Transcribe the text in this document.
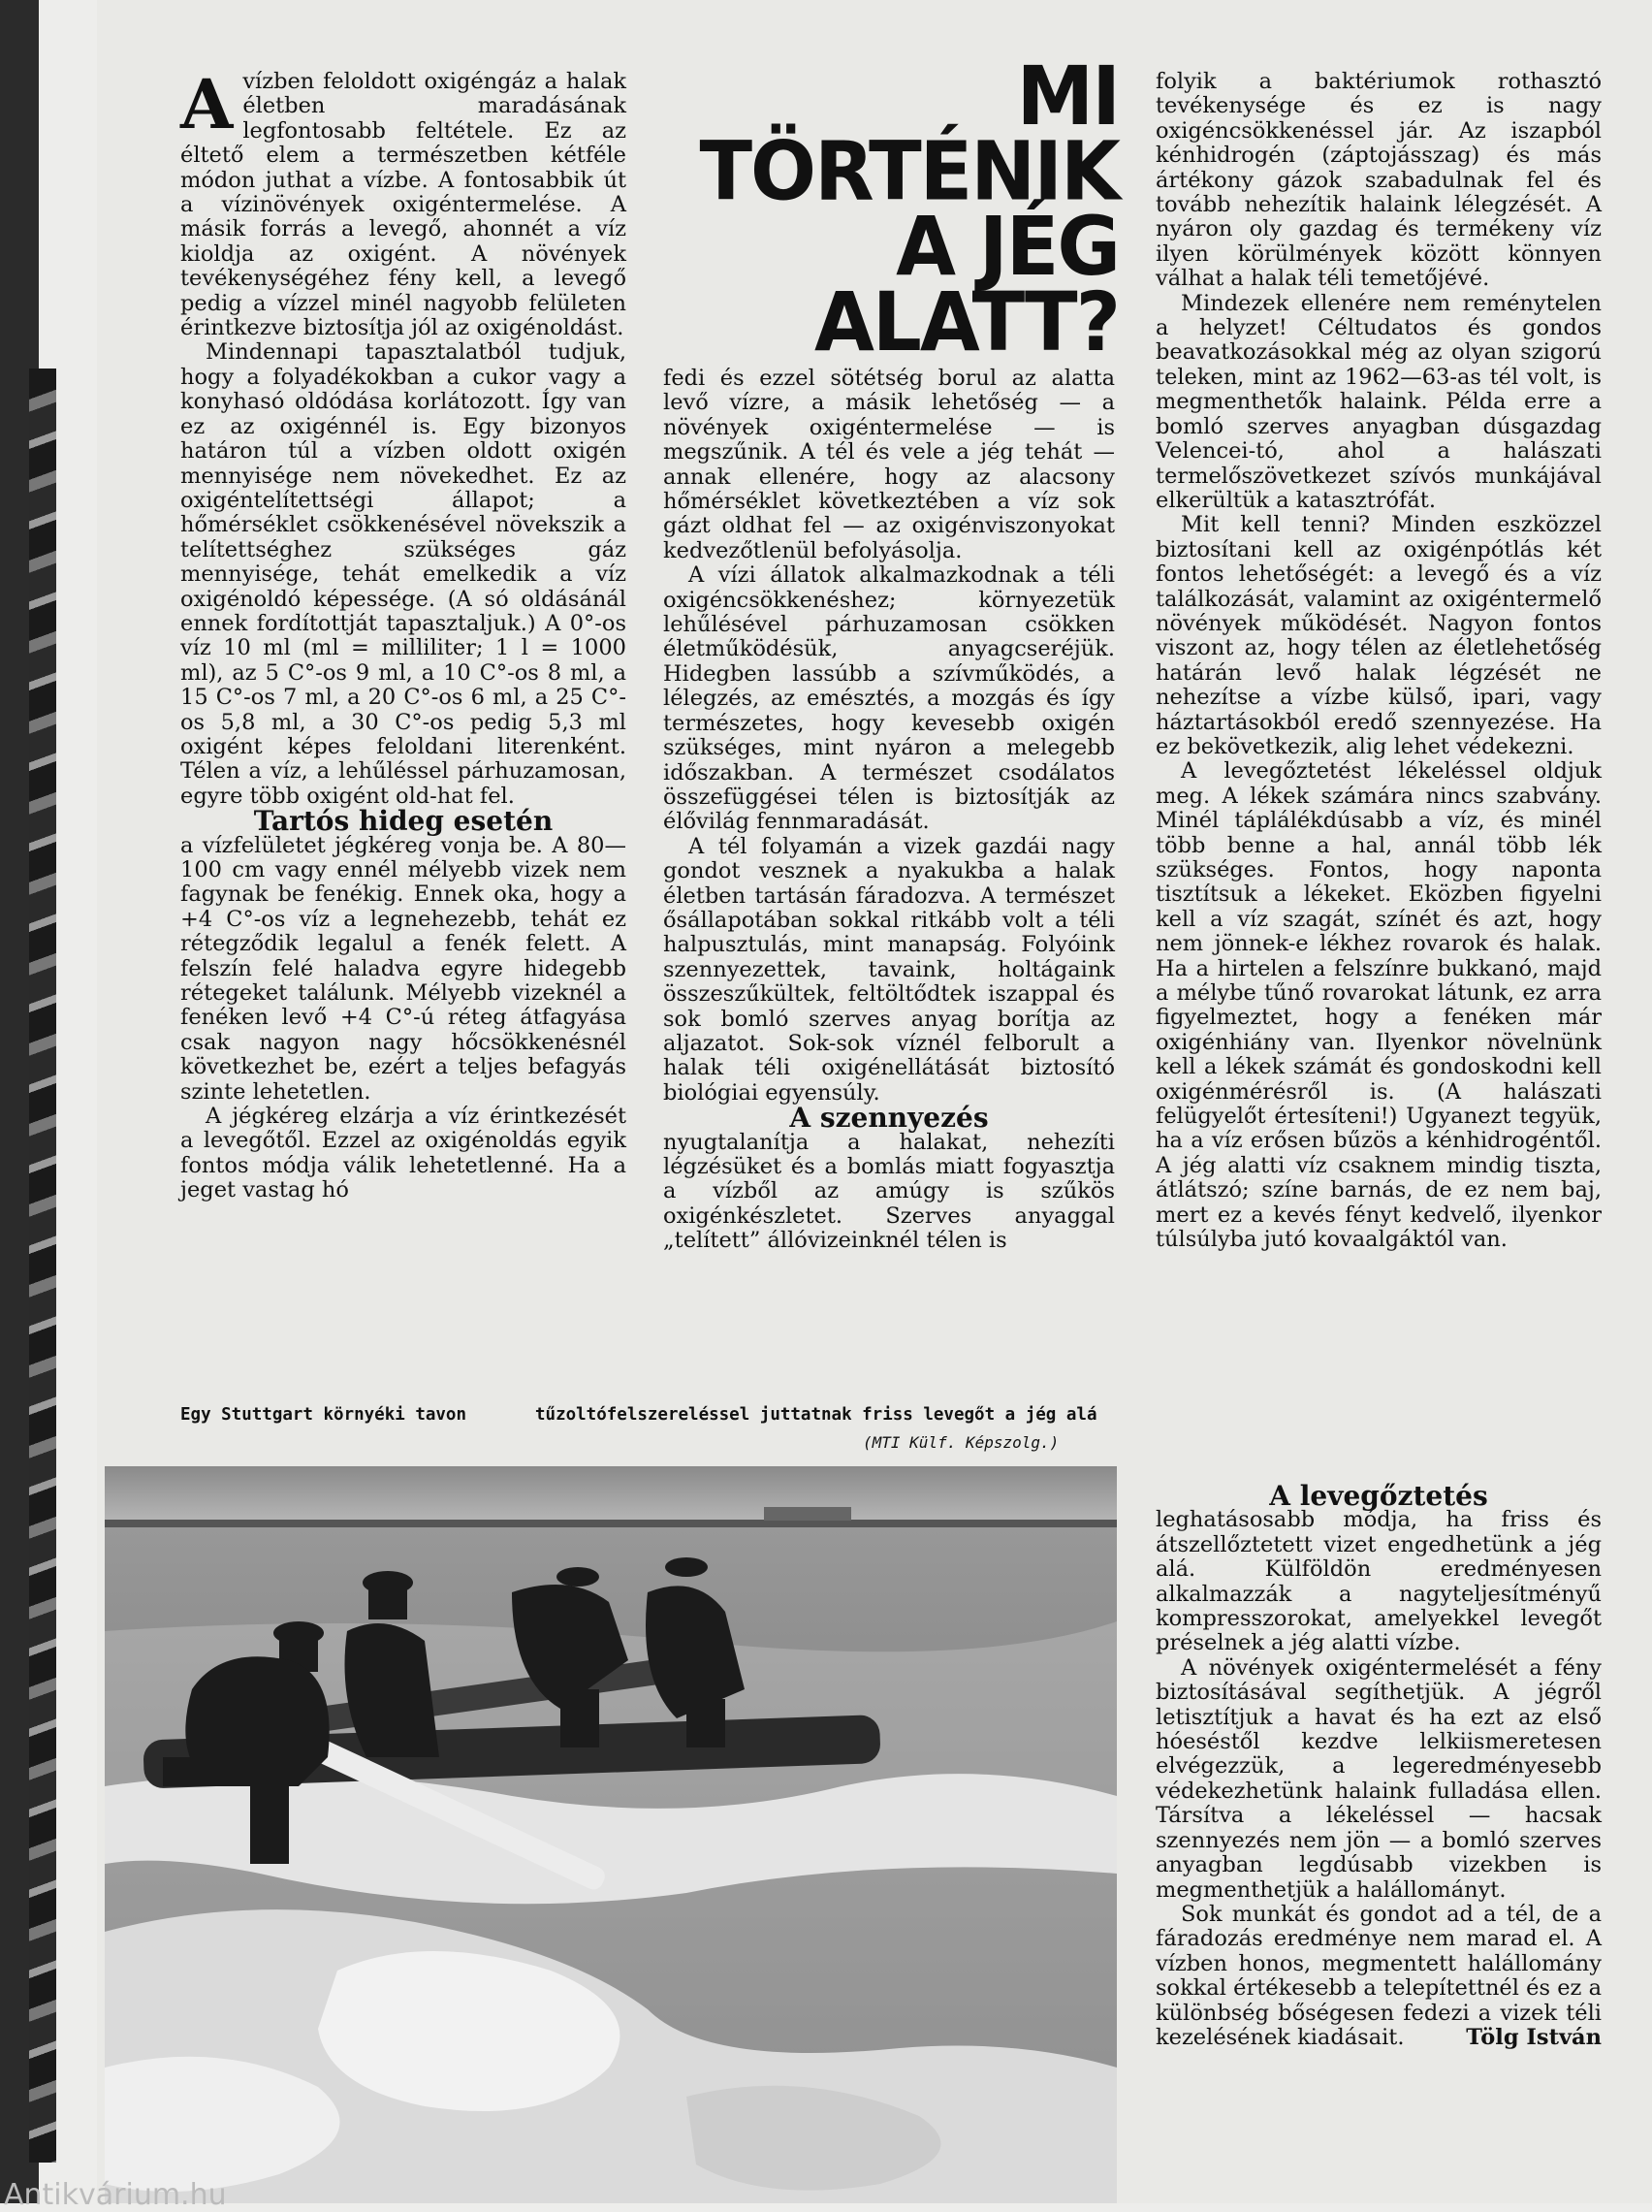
MI
TÖRTÉNIK
A JÉG
ALATT?

Avízben feloldott oxigéngáz a halak életben maradásának legfontosabb feltétele. Ez az éltető elem a természetben kétféle módon juthat a vízbe. A fontosabbik út a vízinövények oxigéntermelése. A másik forrás a levegő, ahonnét a víz kioldja az oxigént. A növények tevékenységéhez fény kell, a levegő pedig a vízzel minél nagyobb felületen érintkezve biztosítja jól az oxigénoldást.

Mindennapi tapasztalatból tudjuk, hogy a folyadékokban a cukor vagy a konyhasó oldódása korlátozott. Így van ez az oxigénnél is. Egy bizonyos határon túl a vízben oldott oxigén mennyisége nem növekedhet. Ez az oxigéntelítettségi állapot; a hőmérséklet csökkenésével növekszik a telítettséghez szükséges gáz mennyisége, tehát emelkedik a víz oxigénoldó képessége. (A só oldásánál ennek fordítottját tapasztaljuk.) A 0°-os víz 10 ml (ml = milliliter; 1 l = 1000 ml), az 5 C°-os 9 ml, a 10 C°-os 8 ml, a 15 C°-os 7 ml, a 20 C°-os 6 ml, a 25 C°-os 5,8 ml, a 30 C°-os pedig 5,3 ml oxigént képes feloldani literenként. Télen a víz, a lehűléssel párhuzamosan, egyre több oxigént old-hat fel.

Tartós hideg esetén

a vízfelületet jégkéreg vonja be. A 80—100 cm vagy ennél mélyebb vizek nem fagynak be fenékig. Ennek oka, hogy a +4 C°-os víz a legnehezebb, tehát ez rétegződik legalul a fenék felett. A felszín felé haladva egyre hidegebb rétegeket találunk. Mélyebb vizeknél a fenéken levő +4 C°-ú réteg átfagyása csak nagyon nagy hőcsökkenésnél következhet be, ezért a teljes befagyás szinte lehetetlen.

A jégkéreg elzárja a víz érintkezését a levegőtől. Ezzel az oxigénoldás egyik fontos módja válik lehetetlenné. Ha a jeget vastag hó

fedi és ezzel sötétség borul az alatta levő vízre, a másik lehetőség — a növények oxigéntermelése — is megszűnik. A tél és vele a jég tehát — annak ellenére, hogy az alacsony hőmérséklet következtében a víz sok gázt oldhat fel — az oxigénviszonyokat kedvezőtlenül befolyásolja.

A vízi állatok alkalmazkodnak a téli oxigéncsökkenéshez; környezetük lehűlésével párhuzamosan csökken életműködésük, anyagcseréjük. Hidegben lassúbb a szívműködés, a lélegzés, az emésztés, a mozgás és így természetes, hogy kevesebb oxigén szükséges, mint nyáron a melegebb időszakban. A természet csodálatos összefüggései télen is biztosítják az élővilág fennmaradását.

A tél folyamán a vizek gazdái nagy gondot vesznek a nyakukba a halak életben tartásán fáradozva. A természet ősállapotában sokkal ritkább volt a téli halpusztulás, mint manapság. Folyóink szennyezettek, tavaink, holtágaink összeszűkültek, feltöltődtek iszappal és sok bomló szerves anyag borítja az aljazatot. Sok-sok víznél felborult a halak téli oxigénellátását biztosító biológiai egyensúly.

A szennyezés

nyugtalanítja a halakat, nehezíti légzésüket és a bomlás miatt fogyasztja a vízből az amúgy is szűkös oxigénkészletet. Szerves anyaggal „telített” állóvizeinknél télen is

folyik a baktériumok rothasztó tevékenysége és ez is nagy oxigéncsökkenéssel jár. Az iszapból kénhidrogén (záptojásszag) és más ártékony gázok szabadulnak fel és tovább nehezítik halaink lélegzését. A nyáron oly gazdag és termékeny víz ilyen körülmények között könnyen válhat a halak téli temetőjévé.

Mindezek ellenére nem reménytelen a helyzet! Céltudatos és gondos beavatkozásokkal még az olyan szigorú teleken, mint az 1962—63-as tél volt, is megmenthetők halaink. Példa erre a bomló szerves anyagban dúsgazdag Velencei-tó, ahol a halászati termelőszövetkezet szívós munkájával elkerültük a katasztrófát.

Mit kell tenni? Minden eszközzel biztosítani kell az oxigénpótlás két fontos lehetőségét: a levegő és a víz találkozását, valamint az oxigéntermelő növények működését. Nagyon fontos viszont az, hogy télen az életlehetőség határán levő halak légzését ne nehezítse a vízbe külső, ipari, vagy háztartásokból eredő szennyezése. Ha ez bekövetkezik, alig lehet védekezni.

A levegőztetést lékeléssel oldjuk meg. A lékek számára nincs szabvány. Minél táplálékdúsabb a víz, és minél több benne a hal, annál több lék szükséges. Fontos, hogy naponta tisztítsuk a lékeket. Eközben figyelni kell a víz szagát, színét és azt, hogy nem jönnek-e lékhez rovarok és halak. Ha a hirtelen a felszínre bukkanó, majd a mélybe tűnő rovarokat látunk, ez arra figyelmeztet, hogy a fenéken már oxigénhiány van. Ilyenkor növelnünk kell a lékek számát és gondoskodni kell oxigénmérésről is. (A halászati felügyelőt értesíteni!) Ugyanezt tegyük, ha a víz erősen bűzös a kénhidrogéntől. A jég alatti víz csaknem mindig tiszta, átlátszó; színe barnás, de ez nem baj, mert ez a kevés fényt kedvelő, ilyenkor túlsúlyba jutó kovaalgáktól van.

A levegőztetés

leghatásosabb módja, ha friss és átszellőztetett vizet engedhetünk a jég alá. Külföldön eredményesen alkalmazzák a nagyteljesítményű kompresszorokat, amelyekkel levegőt préselnek a jég alatti vízbe.

A növények oxigéntermelését a fény biztosításával segíthetjük. A jégről letisztítjuk a havat és ha ezt az első hóeséstől kezdve lelkiismeretesen elvégezzük, a legeredményesebb védekezhetünk halaink fulladása ellen. Társítva a lékeléssel — hacsak szennyezés nem jön — a bomló szerves anyagban legdúsabb vizekben is megmenthetjük a halállományt.

Sok munkát és gondot ad a tél, de a fáradozás eredménye nem marad el. A vízben honos, megmentett halállomány sokkal értékesebb a telepítettnél és ez a különbség bőségesen fedezi a vizek téli kezelésének kiadásait.	Tölg István

Egy Stuttgart környéki tavon	tűzoltófelszereléssel juttatnak friss levegőt a jég alá
(MTI Külf. Képszolg.)
Antikvárium.hu
